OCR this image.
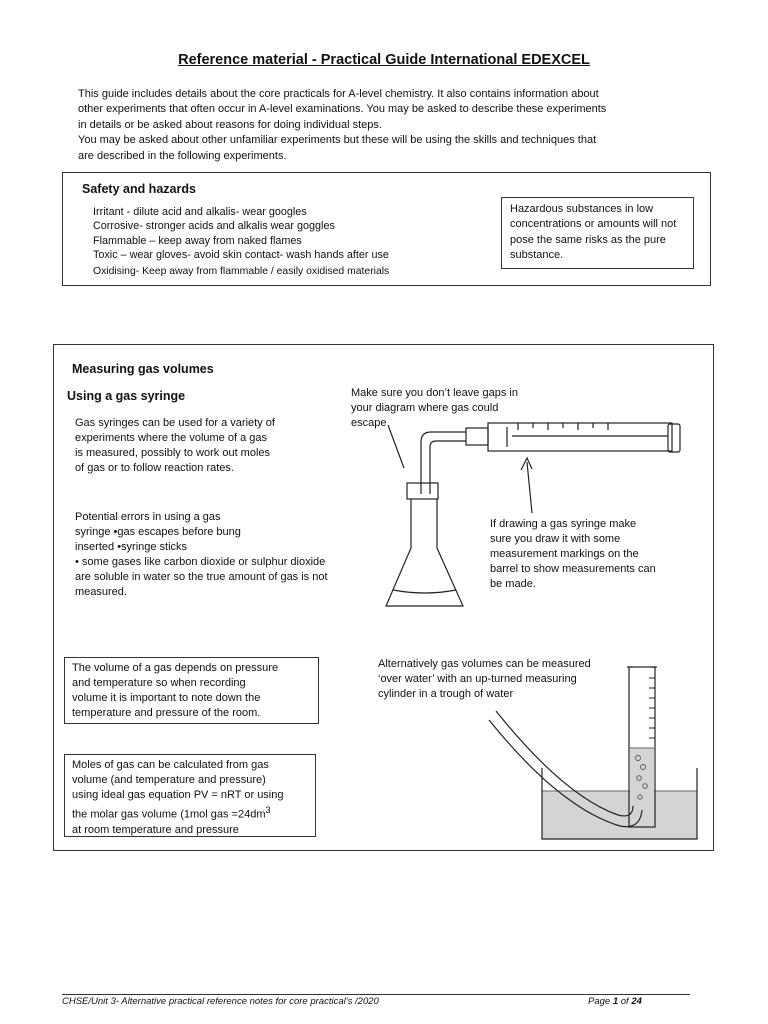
Reference material - Practical Guide International EDEXCEL

This guide includes details about the core practicals for A-level chemistry. It also contains information about

other experiments that often occur in A-level examinations. You may be asked to describe these experiments

in details or be asked about reasons for doing individual steps.

You may be asked about other unfamiliar experiments but these will be using the skills and techniques that

are described in the following experiments.

Safety and hazards
Irritant - dilute acid and alkalis- wear googles
Corrosive- stronger acids and alkalis wear goggles
Flammable – keep away from naked flames
Toxic – wear gloves- avoid skin contact- wash hands after use
Oxidising- Keep away from flammable / easily oxidised materials
Hazardous substances in low concentrations or amounts will not pose the same risks as the pure substance.
Measuring gas volumes
Using a gas syringe
Gas syringes can be used for a variety of
experiments where the volume of a gas
is measured, possibly to work out moles
of gas or to follow reaction rates.
Potential errors in using a gas
syringe •gas escapes before bung
inserted •syringe sticks
• some gases like carbon dioxide or sulphur dioxide
are soluble in water so the true amount of gas is not
measured.
Make sure you don’t leave gaps in
your diagram where gas could
escape
If drawing a gas syringe make
sure you draw it with some
measurement markings on the
barrel to show measurements can
be made.
The volume of a gas depends on pressure
and temperature so when recording
volume it is important to note down the
temperature and pressure of the room.
Moles of gas can be calculated from gas
volume (and temperature and pressure)
using ideal gas equation PV = nRT or using
the molar gas volume (1mol gas $=24dm^3$
at room temperature and pressure
Alternatively gas volumes can be measured
‘over water’ with an up-turned measuring
cylinder in a trough of water
CHSE/Unit 3- Alternative practical reference notes for core practical’s /2020	Page 1 of 24
